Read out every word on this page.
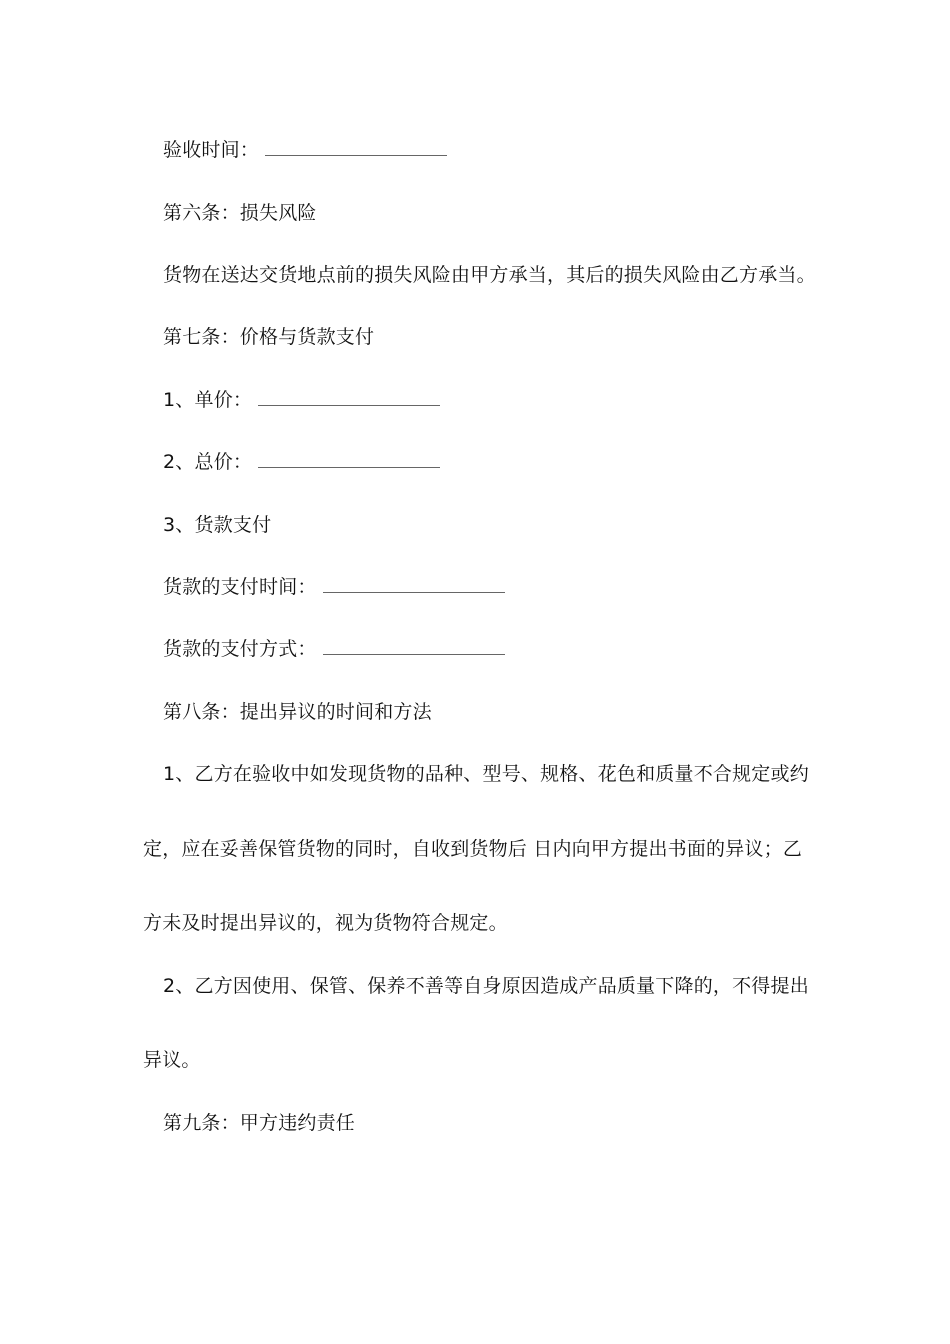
验收时间：
第六条：损失风险
货物在送达交货地点前的损失风险由甲方承当，其后的损失风险由乙方承当。
第七条：价格与货款支付
1、单价：
2、总价：
3、货款支付
货款的支付时间：
货款的支付方式：
第八条：提出异议的时间和方法
1、乙方在验收中如发现货物的品种、型号、规格、花色和质量不合规定或约
定，应在妥善保管货物的同时，自收到货物后 日内向甲方提出书面的异议；乙
方未及时提出异议的，视为货物符合规定。
2、乙方因使用、保管、保养不善等自身原因造成产品质量下降的，不得提出
异议。
第九条：甲方违约责任
